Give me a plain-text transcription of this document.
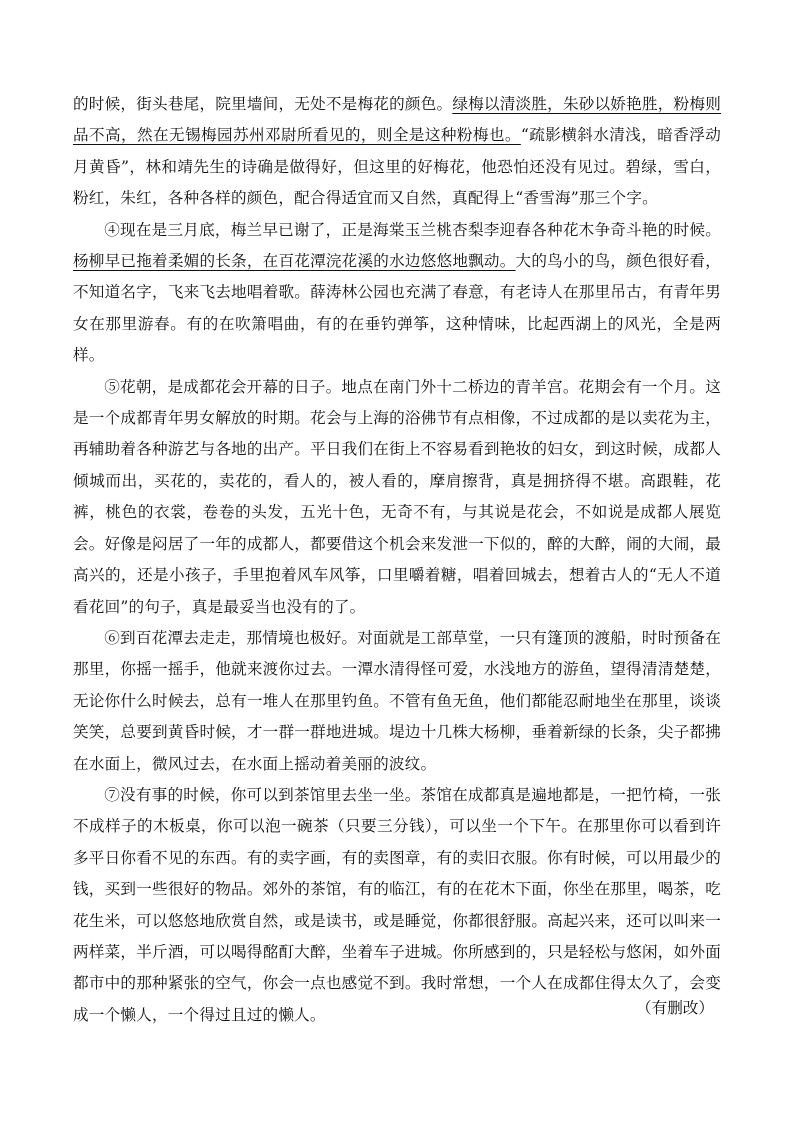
的时候，街头巷尾，院里墙间，无处不是梅花的颜色。绿梅以清淡胜，朱砂以娇艳胜，粉梅则品不高，然在无锡梅园苏州邓尉所看见的，则全是这种粉梅也。“疏影横斜水清浅，暗香浮动月黄昏”，林和靖先生的诗确是做得好，但这里的好梅花，他恐怕还没有见过。碧绿，雪白，粉红，朱红，各种各样的颜色，配合得适宜而又自然，真配得上“香雪海”那三个字。

④现在是三月底，梅兰早已谢了，正是海棠玉兰桃杏梨李迎春各种花木争奇斗艳的时候。杨柳早已拖着柔媚的长条，在百花潭浣花溪的水边悠悠地飘动。大的鸟小的鸟，颜色很好看，不知道名字，飞来飞去地唱着歌。薛涛林公园也充满了春意，有老诗人在那里吊古，有青年男女在那里游春。有的在吹箫唱曲，有的在垂钓弹筝，这种情味，比起西湖上的风光，全是两样。

⑤花朝，是成都花会开幕的日子。地点在南门外十二桥边的青羊宫。花期会有一个月。这是一个成都青年男女解放的时期。花会与上海的浴佛节有点相像，不过成都的是以卖花为主，再辅助着各种游艺与各地的出产。平日我们在街上不容易看到艳妆的妇女，到这时候，成都人倾城而出，买花的，卖花的，看人的，被人看的，摩肩擦背，真是拥挤得不堪。高跟鞋，花裤，桃色的衣裳，卷卷的头发，五光十色，无奇不有，与其说是花会，不如说是成都人展览会。好像是闷居了一年的成都人，都要借这个机会来发泄一下似的，醉的大醉，闹的大闹，最高兴的，还是小孩子，手里抱着风车风筝，口里嚼着糖，唱着回城去，想着古人的“无人不道看花回”的句子，真是最妥当也没有的了。

⑥到百花潭去走走，那情境也极好。对面就是工部草堂，一只有篷顶的渡船，时时预备在那里，你摇一摇手，他就来渡你过去。一潭水清得怪可爱，水浅地方的游鱼，望得清清楚楚，无论你什么时候去，总有一堆人在那里钓鱼。不管有鱼无鱼，他们都能忍耐地坐在那里，谈谈笑笑，总要到黄昏时候，才一群一群地进城。堤边十几株大杨柳，垂着新绿的长条，尖子都拂在水面上，微风过去，在水面上摇动着美丽的波纹。

⑦没有事的时候，你可以到茶馆里去坐一坐。茶馆在成都真是遍地都是，一把竹椅，一张不成样子的木板桌，你可以泡一碗茶（只要三分钱），可以坐一个下午。在那里你可以看到许多平日你看不见的东西。有的卖字画，有的卖图章，有的卖旧衣服。你有时候，可以用最少的钱，买到一些很好的物品。郊外的茶馆，有的临江，有的在花木下面，你坐在那里，喝茶，吃花生米，可以悠悠地欣赏自然，或是读书，或是睡觉，你都很舒服。高起兴来，还可以叫来一两样菜，半斤酒，可以喝得酩酊大醉，坐着车子进城。你所感到的，只是轻松与悠闲，如外面都市中的那种紧张的空气，你会一点也感觉不到。我时常想，一个人在成都住得太久了，会变成一个懒人，一个得过且过的懒人。	（有删改）
